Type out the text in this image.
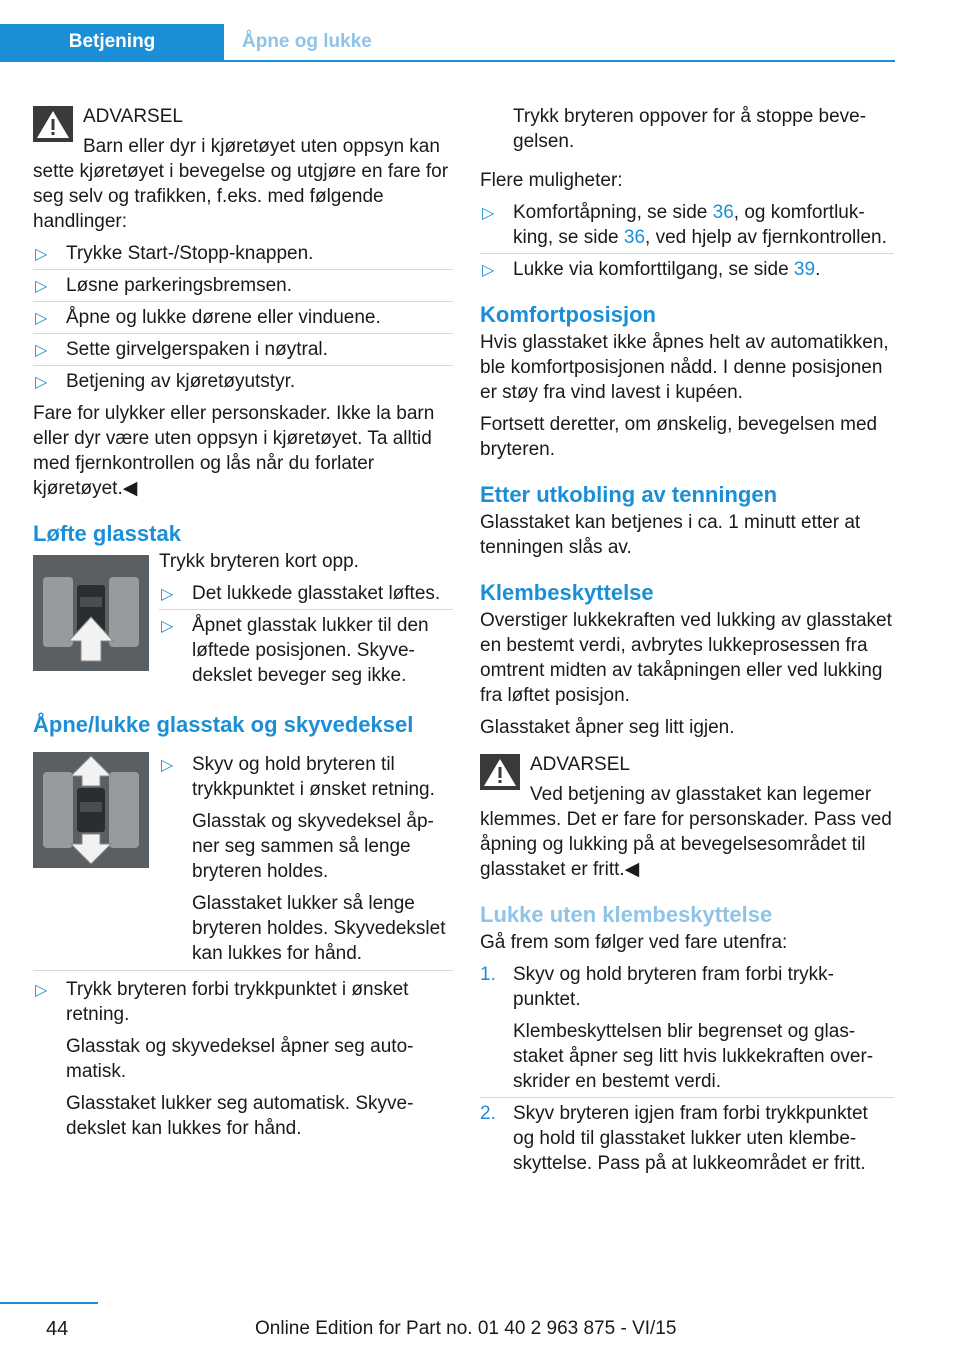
Betjening	Åpne og lukke
ADVARSEL

Barn eller dyr i kjøretøyet uten oppsyn kan sette kjøretøyet i bevegelse og utgjøre en fare for seg selv og trafikken, f.eks. med følgende handlinger:

▷ Trykke Start-/Stopp-knappen.
▷ Løsne parkeringsbremsen.
▷ Åpne og lukke dørene eller vinduene.
▷ Sette girvelgerspaken i nøytral.
▷ Betjening av kjøretøyutstyr.

Fare for ulykker eller personskader. Ikke la barn eller dyr være uten oppsyn i kjøretøyet. Ta alltid med fjernkontrollen og lås når du forlater kjøretøyet.◀

Løfte glasstak

Trykk bryteren kort opp.

▷ Det lukkede glasstaket løftes.
▷ Åpnet glasstak lukker til den løftede posisjonen. Skyvedekslet beveger seg ikke.
Åpne/lukke glasstak og skyvedeksel
▷ Skyv og hold bryteren til trykkpunktet i ønsket retning.

Glasstak og skyvedeksel åpner seg sammen så lenge bryteren holdes.

Glasstaket lukker så lenge bryteren holdes. Skyvedekslet kan lukkes for hånd.

▷ Trykk bryteren forbi trykkpunktet i ønsket retning.

Glasstak og skyvedeksel åpner seg automatisk.

Glasstaket lukker seg automatisk. Skyvedekslet kan lukkes for hånd.

Trykk bryteren oppover for å stoppe bevegelsen.

Flere muligheter:

▷ Komfortåpning, se side 36, og komfortlukking, se side 36, ved hjelp av fjernkontrollen.
▷ Lukke via komforttilgang, se side 39.
Komfortposisjon

Hvis glasstaket ikke åpnes helt av automatikken, ble komfortposisjonen nådd. I denne posisjonen er støy fra vind lavest i kupéen.

Fortsett deretter, om ønskelig, bevegelsen med bryteren.

Etter utkobling av tenningen

Glasstaket kan betjenes i ca. 1 minutt etter at tenningen slås av.

Klembeskyttelse

Overstiger lukkekraften ved lukking av glasstaket en bestemt verdi, avbrytes lukkeprosessen fra omtrent midten av takåpningen eller ved lukking fra løftet posisjon.

Glasstaket åpner seg litt igjen.

ADVARSEL

Ved betjening av glasstaket kan legemer klemmes. Det er fare for personskader. Pass ved åpning og lukking på at bevegelsesområdet til glasstaket er fritt.◀

Lukke uten klembeskyttelse

Gå frem som følger ved fare utenfra:

1. Skyv og hold bryteren fram forbi trykkpunktet.

Klembeskyttelsen blir begrenset og glasstaket åpner seg litt hvis lukkekraften overskrider en bestemt verdi.

2. Skyv bryteren igjen fram forbi trykkpunktet og hold til glasstaket lukker uten klembeskyttelse. Pass på at lukkeområdet er fritt.

44	Online Edition for Part no. 01 40 2 963 875 - VI/15
